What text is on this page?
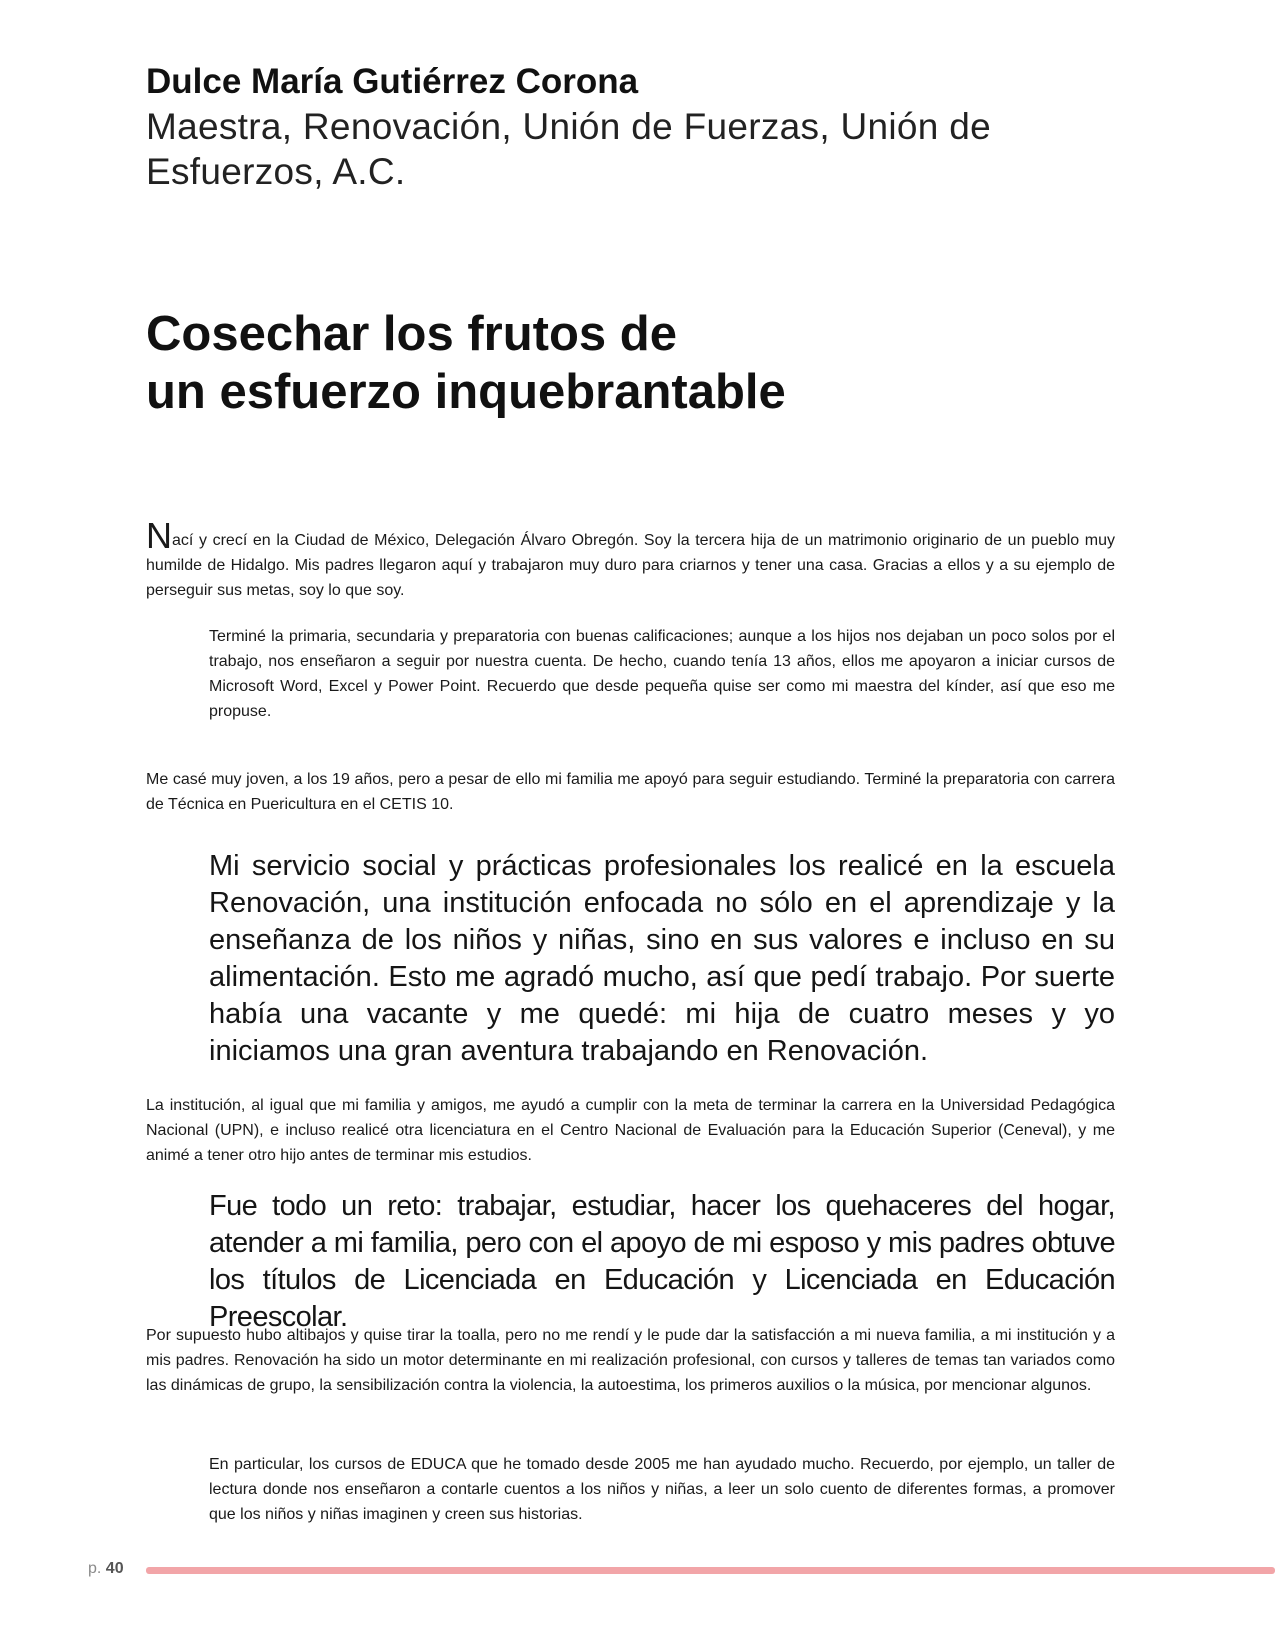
Dulce María Gutiérrez Corona
Maestra, Renovación, Unión de Fuerzas, Unión de Esfuerzos, A.C.
Cosechar los frutos de
un esfuerzo inquebrantable

Nací y crecí en la Ciudad de México, Delegación Álvaro Obregón. Soy la tercera hija de un matrimonio originario de un pueblo muy humilde de Hidalgo. Mis padres llegaron aquí y trabajaron muy duro para criarnos y tener una casa. Gracias a ellos y a su ejemplo de perseguir sus metas, soy lo que soy.

Terminé la primaria, secundaria y preparatoria con buenas calificaciones; aunque a los hijos nos dejaban un poco solos por el trabajo, nos enseñaron a seguir por nuestra cuenta. De hecho, cuando tenía 13 años, ellos me apoyaron a iniciar cursos de Microsoft Word, Excel y Power Point. Recuerdo que desde pequeña quise ser como mi maestra del kínder, así que eso me propuse.

Me casé muy joven, a los 19 años, pero a pesar de ello mi familia me apoyó para seguir estudiando. Terminé la preparatoria con carrera de Técnica en Puericultura en el CETIS 10.

Mi servicio social y prácticas profesionales los realicé en la escuela Renovación, una institución enfocada no sólo en el aprendizaje y la enseñanza de los niños y niñas, sino en sus valores e incluso en su alimentación. Esto me agradó mucho, así que pedí trabajo. Por suerte había una vacante y me quedé: mi hija de cuatro meses y yo iniciamos una gran aventura trabajando en Renovación.

La institución, al igual que mi familia y amigos, me ayudó a cumplir con la meta de terminar la carrera en la Universidad Pedagógica Nacional (UPN), e incluso realicé otra licenciatura en el Centro Nacional de Evaluación para la Educación Superior (Ceneval), y me animé a tener otro hijo antes de terminar mis estudios.

Fue todo un reto: trabajar, estudiar, hacer los quehaceres del hogar, atender a mi familia, pero con el apoyo de mi esposo y mis padres obtuve los títulos de Licenciada en Educación y Licenciada en Educación Preescolar.

Por supuesto hubo altibajos y quise tirar la toalla, pero no me rendí y le pude dar la satisfacción a mi nueva familia, a mi institución y a mis padres. Renovación ha sido un motor determinante en mi realización profesional, con cursos y talleres de temas tan variados como las dinámicas de grupo, la sensibilización contra la violencia, la autoestima, los primeros auxilios o la música, por mencionar algunos.

En particular, los cursos de EDUCA que he tomado desde 2005 me han ayudado mucho. Recuerdo, por ejemplo, un taller de lectura donde nos enseñaron a contarle cuentos a los niños y niñas, a leer un solo cuento de diferentes formas, a promover que los niños y niñas imaginen y creen sus historias.

p. 40
